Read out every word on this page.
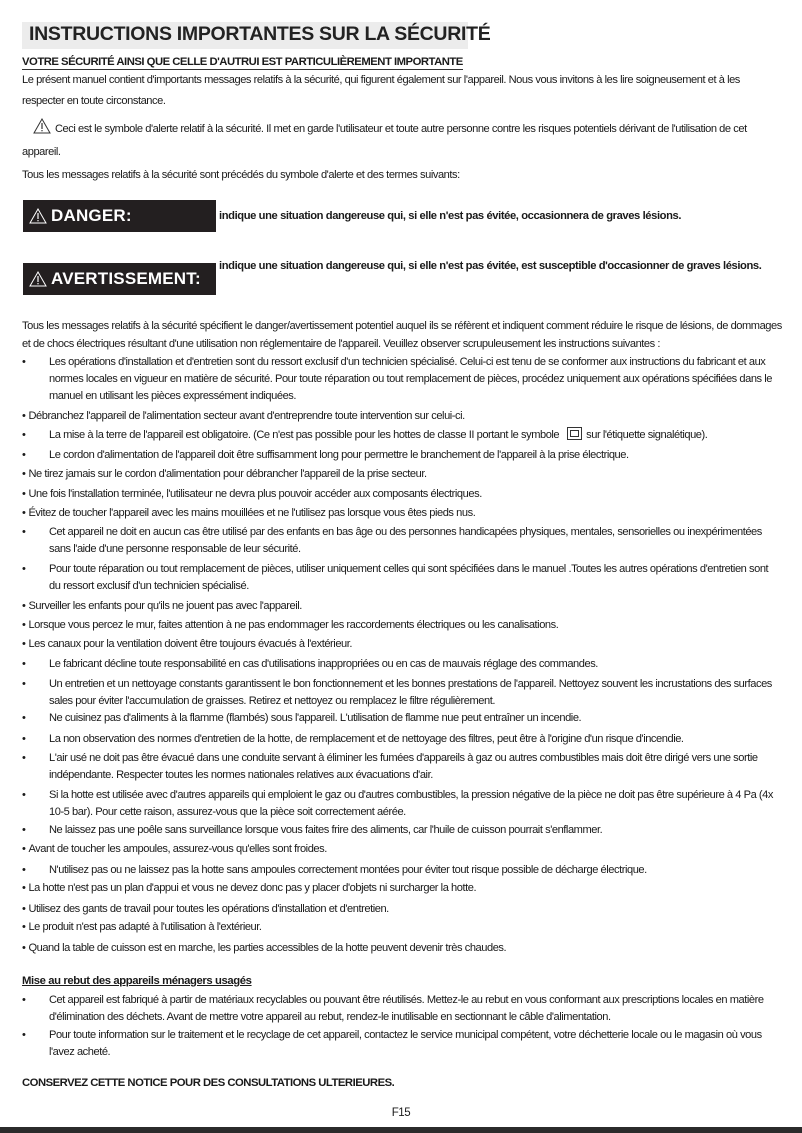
INSTRUCTIONS IMPORTANTES SUR LA SÉCURITÉ
VOTRE SÉCURITÉ AINSI QUE CELLE D'AUTRUI EST PARTICULIÈREMENT IMPORTANTE
Le présent manuel contient d'importants messages relatifs à la sécurité, qui figurent également sur l'appareil. Nous vous invitons à les lire soigneusement et à les respecter en toute circonstance.
Ceci est le symbole d'alerte relatif à la sécurité. Il met en garde l'utilisateur et toute autre personne contre les risques potentiels dérivant de l'utilisation de cet appareil.
Tous les messages relatifs à la sécurité sont précédés du symbole d'alerte et des termes suivants:
DANGER:	indique une situation dangereuse qui, si elle n'est pas évitée, occasionnera de graves lésions.
AVERTISSEMENT:
indique une situation dangereuse qui, si elle n'est pas évitée, est susceptible d'occasionner de graves lésions.
Tous les messages relatifs à la sécurité spécifient le danger/avertissement potentiel auquel ils se réfèrent et indiquent comment réduire le risque de lésions, de dommages et de chocs électriques résultant d'une utilisation non réglementaire de l'appareil. Veuillez observer scrupuleusement les instructions suivantes :
• Les opérations d'installation et d'entretien sont du ressort exclusif d'un technicien spécialisé. Celui-ci est tenu de se conformer aux instructions du fabricant et aux normes locales en vigueur en matière de sécurité. Pour toute réparation ou tout remplacement de pièces, procédez uniquement aux opérations spécifiées dans le manuel en utilisant les pièces expressément indiquées.
• Débranchez l'appareil de l'alimentation secteur avant d'entreprendre toute intervention sur celui-ci.
• La mise à la terre de l'appareil est obligatoire. (Ce n'est pas possible pour les hottes de classe II portant le symbole sur l'étiquette signalétique).
• Le cordon d'alimentation de l'appareil doit être suffisamment long pour permettre le branchement de l'appareil à la prise électrique.
• Ne tirez jamais sur le cordon d'alimentation pour débrancher l'appareil de la prise secteur.
• Une fois l'installation terminée, l'utilisateur ne devra plus pouvoir accéder aux composants électriques.
• Évitez de toucher l'appareil avec les mains mouillées et ne l'utilisez pas lorsque vous êtes pieds nus.
• Cet appareil ne doit en aucun cas être utilisé par des enfants en bas âge ou des personnes handicapées physiques, mentales, sensorielles ou inexpérimentées sans l'aide d'une personne responsable de leur sécurité.
• Pour toute réparation ou tout remplacement de pièces, utiliser uniquement celles qui sont spécifiées dans le manuel .Toutes les autres opérations d'entretien sont du ressort exclusif d'un technicien spécialisé.
• Surveiller les enfants pour qu'ils ne jouent pas avec l'appareil.
• Lorsque vous percez le mur, faites attention à ne pas endommager les raccordements électriques ou les canalisations.
• Les canaux pour la ventilation doivent être toujours évacués à l'extérieur.
• Le fabricant décline toute responsabilité en cas d'utilisations inappropriées ou en cas de mauvais réglage des commandes.
• Un entretien et un nettoyage constants garantissent le bon fonctionnement et les bonnes prestations de l'appareil. Nettoyez souvent les incrustations des surfaces sales pour éviter l'accumulation de graisses. Retirez et nettoyez ou remplacez le filtre régulièrement.
• Ne cuisinez pas d'aliments à la flamme (flambés) sous l'appareil. L'utilisation de flamme nue peut entraîner un incendie.
• La non observation des normes d'entretien de la hotte, de remplacement et de nettoyage des filtres, peut être à l'origine d'un risque d'incendie.
• L'air usé ne doit pas être évacué dans une conduite servant à éliminer les fumées d'appareils à gaz ou autres combustibles mais doit être dirigé vers une sortie indépendante. Respecter toutes les normes nationales relatives aux évacuations d'air.
• Si la hotte est utilisée avec d'autres appareils qui emploient le gaz ou d'autres combustibles, la pression négative de la pièce ne doit pas être supérieure à 4 Pa (4x 10-5 bar). Pour cette raison, assurez-vous que la pièce soit correctement aérée.
• Ne laissez pas une poêle sans surveillance lorsque vous faites frire des aliments, car l'huile de cuisson pourrait s'enflammer.
• Avant de toucher les ampoules, assurez-vous qu'elles sont froides.
• N'utilisez pas ou ne laissez pas la hotte sans ampoules correctement montées pour éviter tout risque possible de décharge électrique.
• La hotte n'est pas un plan d'appui et vous ne devez donc pas y placer d'objets ni surcharger la hotte.
• Utilisez des gants de travail pour toutes les opérations d'installation et d'entretien.
• Le produit n'est pas adapté à l'utilisation à l'extérieur.
• Quand la table de cuisson est en marche, les parties accessibles de la hotte peuvent devenir très chaudes.
Mise au rebut des appareils ménagers usagés
• Cet appareil est fabriqué à partir de matériaux recyclables ou pouvant être réutilisés. Mettez-le au rebut en vous conformant aux prescriptions locales en matière d'élimination des déchets. Avant de mettre votre appareil au rebut, rendez-le inutilisable en sectionnant le câble d'alimentation.
• Pour toute information sur le traitement et le recyclage de cet appareil, contactez le service municipal compétent, votre déchetterie locale ou le magasin où vous l'avez acheté.
CONSERVEZ CETTE NOTICE POUR DES CONSULTATIONS ULTERIEURES.
F15
